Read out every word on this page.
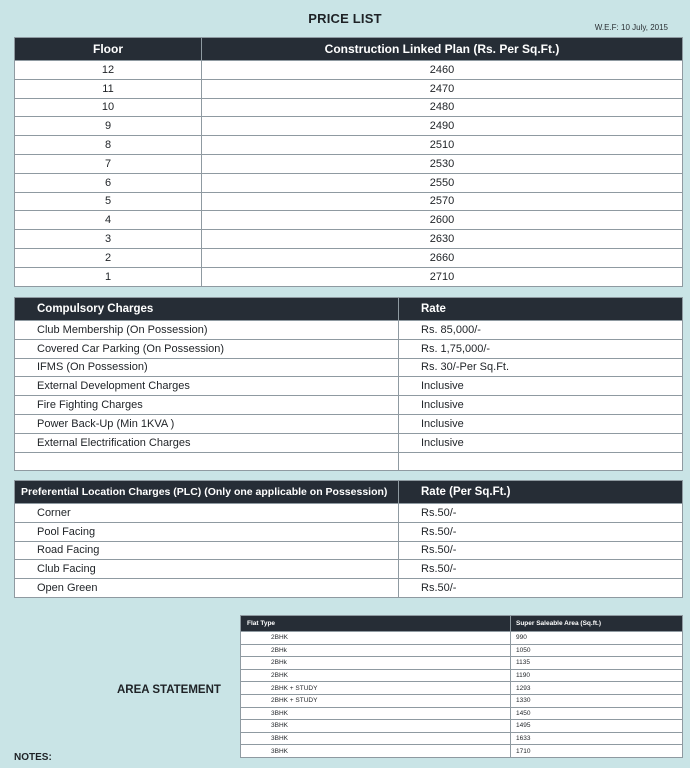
PRICE LIST
W.E.F: 10 July, 2015
Floor	Construction Linked Plan (Rs. Per Sq.Ft.)
12	2460
11	2470
10	2480
9	2490
8	2510
7	2530
6	2550
5	2570
4	2600
3	2630
2	2660
1	2710
Compulsory Charges	Rate
Club Membership (On Possession)	Rs. 85,000/-
Covered Car Parking (On Possession)	Rs. 1,75,000/-
IFMS (On Possession)	Rs. 30/-Per Sq.Ft.
External Development Charges	Inclusive
Fire Fighting Charges	Inclusive
Power Back-Up (Min 1KVA )	Inclusive
External Electrification Charges	Inclusive

Preferential Location Charges (PLC) (Only one applicable on Possession)	Rate (Per Sq.Ft.)
Corner	Rs.50/-
Pool Facing	Rs.50/-
Road Facing	Rs.50/-
Club Facing	Rs.50/-
Open Green	Rs.50/-
AREA STATEMENT
Flat Type	Super Saleable Area (Sq.ft.)
2BHK	990
2BHk	1050
2BHk	1135
2BHK	1190
2BHK + STUDY	1293
2BHK + STUDY	1330
3BHK	1450
3BHK	1495
3BHK	1633
3BHK	1710
NOTES:
